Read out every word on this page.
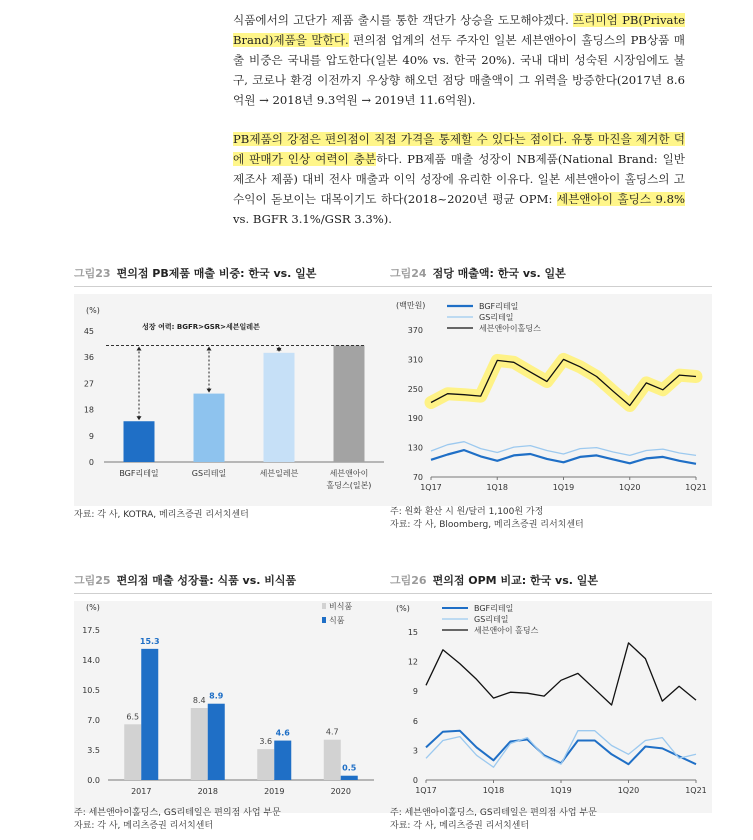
식품에서의 고단가 제품 출시를 통한 객단가 상승을 도모해야겠다. 프리미엄 PB(Private Brand)제품을 말한다. 편의점 업계의 선두 주자인 일본 세븐앤아이 홀딩스의 PB상품 매출 비중은 국내를 압도한다(일본 40% vs. 한국 20%). 국내 대비 성숙된 시장임에도 불구, 코로나 환경 이전까지 우상향 해오던 점당 매출액이 그 위력을 방증한다(2017년 8.6억원 → 2018년 9.3억원 → 2019년 11.6억원).

PB제품의 강점은 편의점이 직접 가격을 통제할 수 있다는 점이다. 유통 마진을 제거한 덕에 판매가 인상 여력이 충분하다. PB제품 매출 성장이 NB제품(National Brand: 일반 제조사 제품) 대비 전사 매출과 이익 성장에 유리한 이유다. 일본 세븐앤아이 홀딩스의 고수익이 돋보이는 대목이기도 하다(2018~2020년 평균 OPM: 세븐앤아이 홀딩스 9.8% vs. BGFR 3.1%/GSR 3.3%).

그림23 편의점 PB제품 매출 비중: 한국 vs. 일본
(%)
0
9
18
27
36
45
BGF리테일	GS리테일	세븐일레븐	세븐앤아이
홀딩스(일본)
성장 여력: BGFR>GSR>세븐일레븐
자료: 각 사, KOTRA, 메리츠증권 리서치센터
그림24 점당 매출액: 한국 vs. 일본
(백만원)
70
130
190
250
310
370
1Q17	1Q18	1Q19	1Q20	1Q21
BGF리테일
GS리테일
세븐앤아이홀딩스
주: 원화 환산 시 원/달러 1,100원 가정
자료: 각 사, Bloomberg, 메리츠증권 리서치센터
그림25 편의점 매출 성장률: 식품 vs. 비식품
(%)
0.0
3.5
7.0
10.5
14.0
17.5
2017
6.5
15.3
2018
8.4 8.9
2019
3.6
4.6
2020
4.7
0.5
비식품
식품
주: 세븐앤아이홀딩스, GS리테일은 편의점 사업 부문
자료: 각 사, 메리츠증권 리서치센터
그림26 편의점 OPM 비교: 한국 vs. 일본
(%)
0
3
6
9
12
15
1Q17	1Q18	1Q19	1Q20	1Q21
BGF리테일
GS리테일
세븐앤아이 홀딩스
주: 세븐앤아이홀딩스, GS리테일은 편의점 사업 부문
자료: 각 사, 메리츠증권 리서치센터
